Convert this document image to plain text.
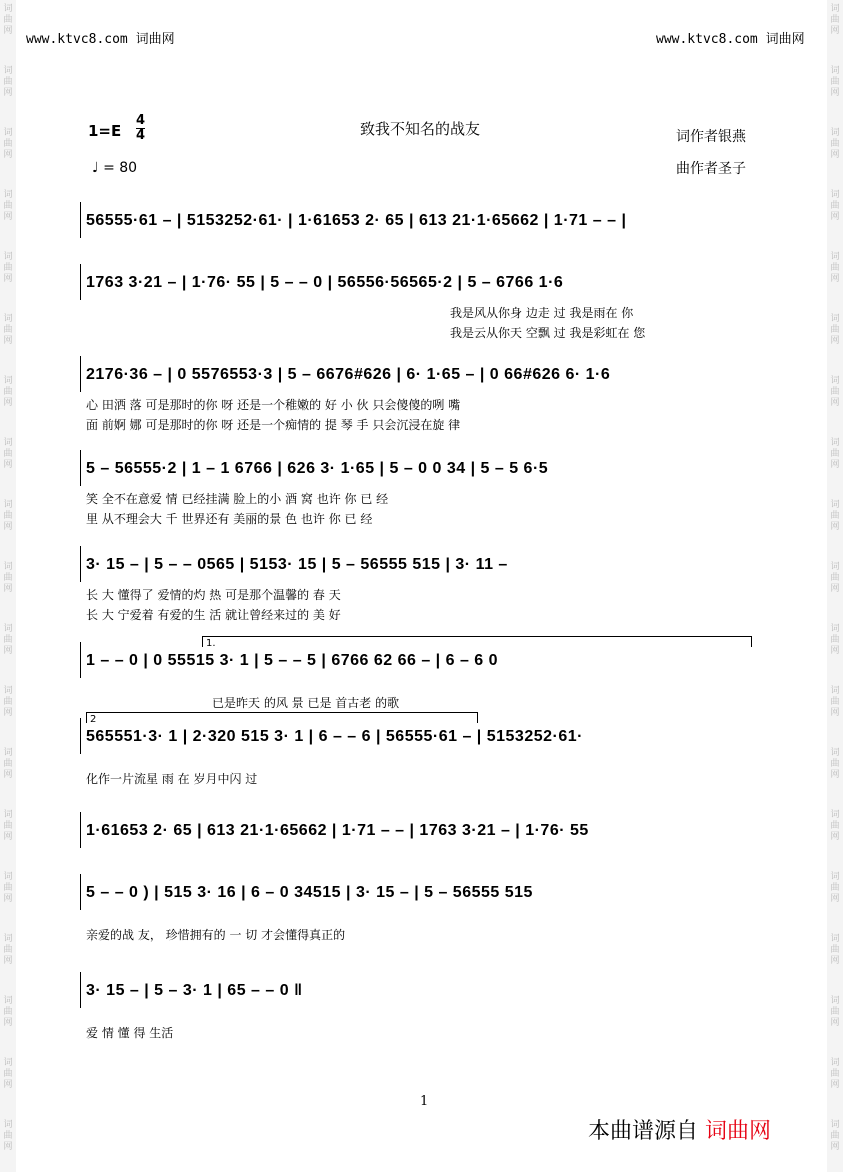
词曲网
词曲网
词曲网
词曲网
词曲网
词曲网
词曲网
词曲网
词曲网
词曲网
词曲网
词曲网
词曲网
词曲网
词曲网
词曲网
词曲网
词曲网
词曲网
词曲网
词曲网
词曲网
词曲网
词曲网
词曲网
词曲网
词曲网
词曲网
词曲网
词曲网
词曲网
词曲网
词曲网
词曲网
词曲网
词曲网
词曲网
词曲网
www.ktvc8.com 词曲网	www.ktvc8.com 词曲网
1=E
4
4	致我不知名的战友	词作者银燕
曲作者圣子
♩ = 80
56555·61 – | 5153252·61· | 1·61653 2· 65 | 613 21·1·65662 | 1·71 – – |
1763 3·21 – | 1·76· 55 | 5 – – 0 | 56556·56565·2 | 5 – 6766 1·6
我是风从你身 边走 过 我是雨在 你
我是云从你天 空飘 过 我是彩虹在 您
2176·36 – | 0 5576553·3 | 5 – 6676#626 | 6· 1·65 – | 0 66#626 6· 1·6
心 田洒 落 可是那时的你 呀 还是一个稚嫩的 好 小 伙 只会傻傻的咧 嘴
面 前婀 娜 可是那时的你 呀 还是一个痴情的 提 琴 手 只会沉浸在旋 律
5 – 56555·2 | 1 – 1 6766 | 626 3· 1·65 | 5 – 0 0 34 | 5 – 5 6·5
笑 全不在意爱 情 已经挂满 脸上的小 酒 窝 也许 你 已 经
里 从不理会大 千 世界还有 美丽的景 色 也许 你 已 经
3· 15 – | 5 – – 0565 | 5153· 15 | 5 – 56555 515 | 3· 11 –
长 大 懂得了 爱情的灼 热 可是那个温馨的 春 天
长 大 宁爱着 有爱的生 活 就让曾经来过的 美 好
1 – – 0 | 0 55515 3· 1 | 5 – – 5 | 6766 62 66 – | 6 – 6 0
1.
已是昨天 的风 景 已是 首古老 的歌
565551·3· 1 | 2·320 515 3· 1 | 6 – – 6 | 56555·61 – | 5153252·61·
2
化作一片流星 雨 在 岁月中闪 过
1·61653 2· 65 | 613 21·1·65662 | 1·71 – – | 1763 3·21 – | 1·76· 55
5 – – 0 ) | 515 3· 16 | 6 – 0 34515 | 3· 15 – | 5 – 56555 515
亲爱的战 友， 珍惜拥有的 一 切 才会懂得真正的
3· 15 – | 5 – 3· 1 | 65 – – 0 ‖
爱 情 懂 得 生活
1
本曲谱源自 词曲网
